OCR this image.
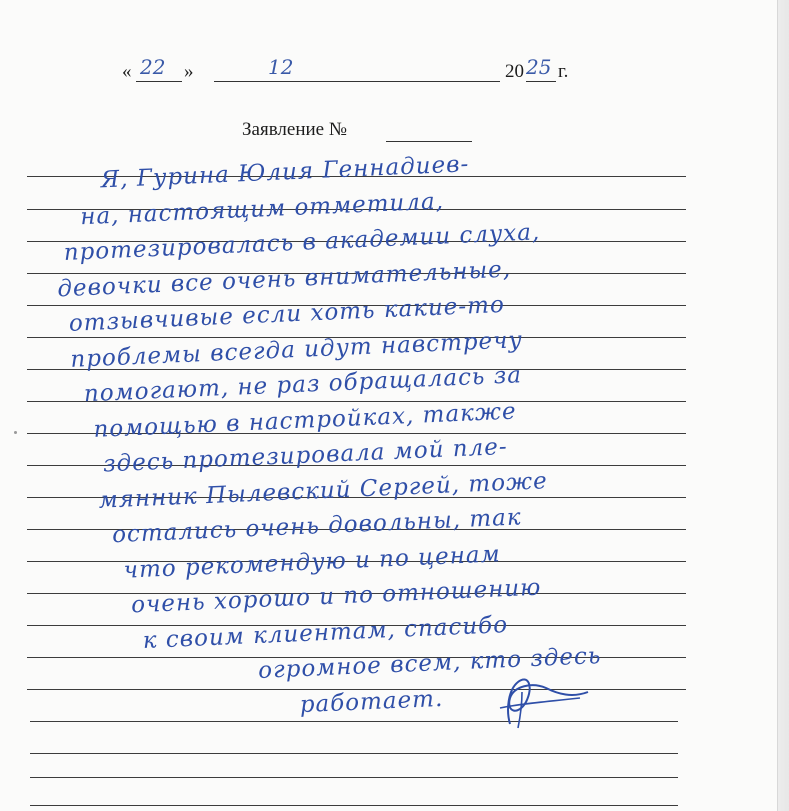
« 22 »	12	20 25 г.
Заявление №
Я, Гурина Юлия Геннадиев-
на, настоящим отметила,
протезировалась в академии слуха,
девочки все очень внимательные,
отзывчивые если хоть какие-то
проблемы всегда идут навстречу
помогают, не раз обращалась за
помощью в настройках, также
здесь протезировала мой пле-
мянник Пылевский Сергей, тоже
остались очень довольны, так
что рекомендую и по ценам
очень хорошо и по отношению
к своим клиентам, спасибо
огромное всем, кто здесь
работает.
